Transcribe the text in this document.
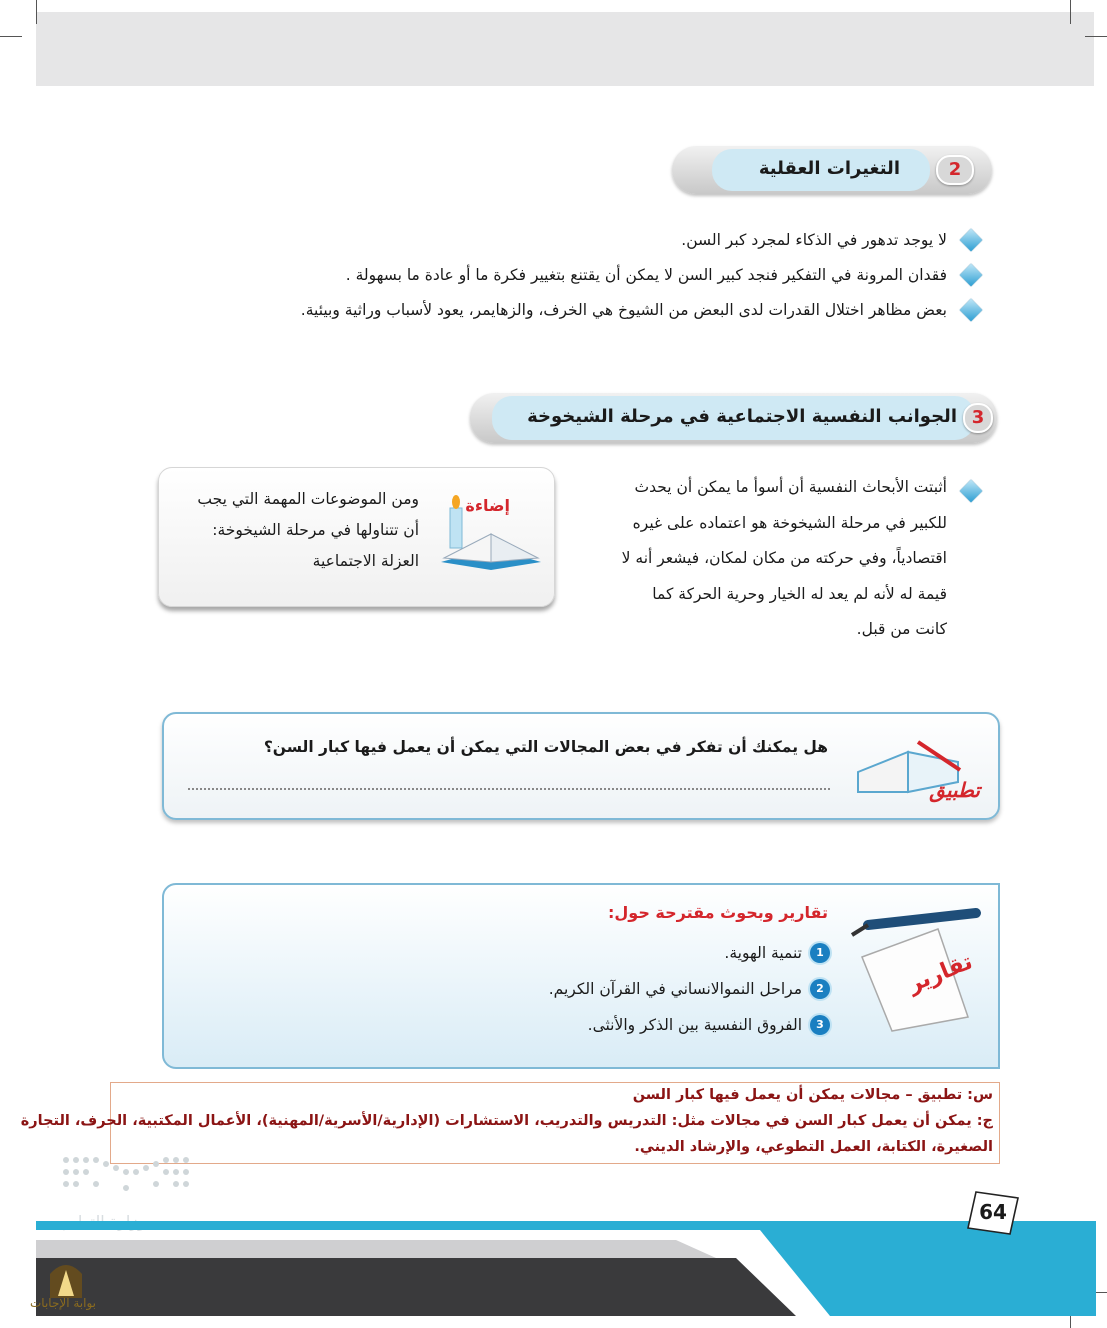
2
التغيرات العقلية
لا يوجد تدهور في الذكاء لمجرد كبر السن.
فقدان المرونة في التفكير فنجد كبير السن لا يمكن أن يقتنع بتغيير فكرة ما أو عادة ما بسهولة .
بعض مظاهر اختلال القدرات لدى البعض من الشيوخ هي الخرف، والزهايمر، يعود لأسباب وراثية وبيئية.
3
الجوانب النفسية الاجتماعية في مرحلة الشيخوخة
أثبتت الأبحاث النفسية أن أسوأ ما يمكن أن يحدث
للكبير في مرحلة الشيخوخة هو اعتماده على غيره
اقتصادياً، وفي حركته من مكان لمكان، فيشعر أنه لا
قيمة له لأنه لم يعد له الخيار وحرية الحركة كما
كانت من قبل.
ومن الموضوعات المهمة التي يجب
أن تتناولها في مرحلة الشيخوخة:
العزلة الاجتماعية
إضاءة
هل يمكنك أن تفكر في بعض المجالات التي يمكن أن يعمل فيها كبار السن؟
تطبيق
تقارير وبحوث مقترحة حول:
1
تنمية الهوية.
2
مراحل النموالانساني في القرآن الكريم.
3
الفروق النفسية بين الذكر والأنثى.
تقارير
س: تطبيق – مجالات يمكن أن يعمل فيها كبار السن
ج: يمكن أن يعمل كبار السن في مجالات مثل: التدريس والتدريب، الاستشارات (الإدارية/الأسرية/المهنية)، الأعمال المكتبية، الحرف، التجارة
الصغيرة، الكتابة، العمل التطوعي، والإرشاد الديني.
64
بوابة الإجابات
